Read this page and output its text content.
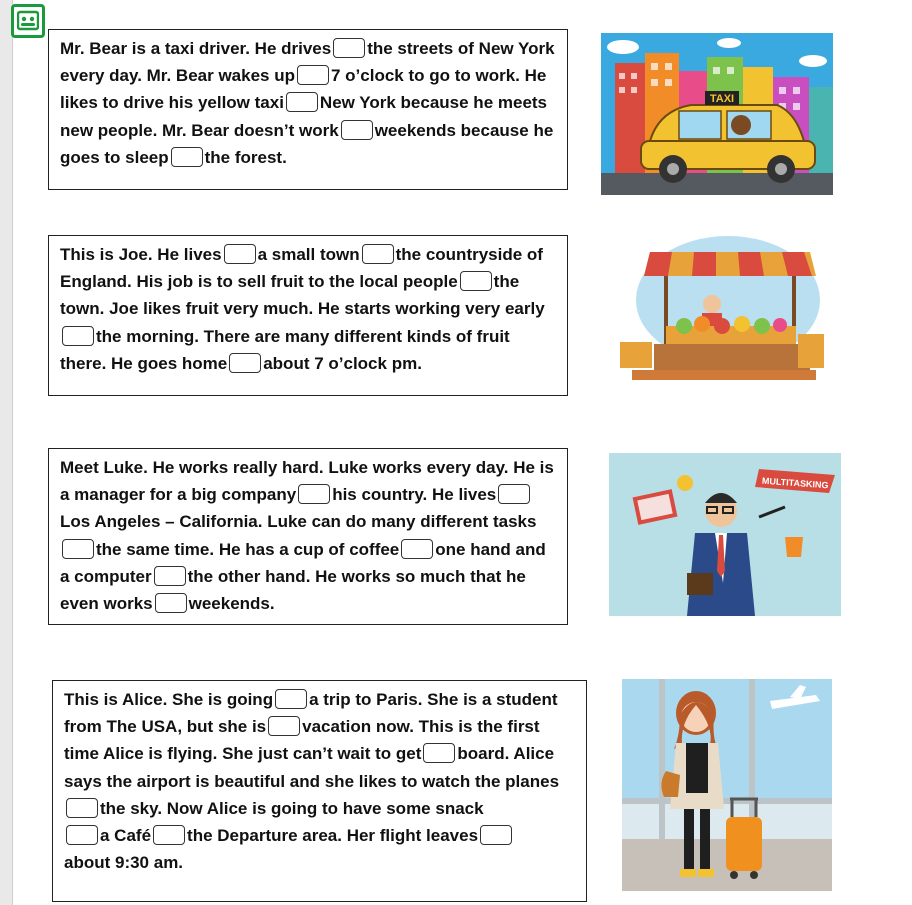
Mr. Bear is a taxi driver. He drives the streets of New York every day. Mr. Bear wakes up 7 o’clock to go to work. He likes to drive his yellow taxi New York because he meets new people. Mr. Bear doesn’t work weekends because he goes to sleep the forest.

This is Joe. He lives a small town the countryside of England. His job is to sell fruit to the local people the town. Joe likes fruit very much. He starts working very earlythe morning. There are many different kinds of fruit there. He goes home about 7 o’clock pm.

Meet Luke. He works really hard. Luke works every day. He is a manager for a big company his country. He livesLos Angeles – California. Luke can do many different tasksthe same time. He has a cup of coffee one hand and a computer the other hand. He works so much that he even works weekends.

This is Alice. She is going a trip to Paris. She is a student from The USA, but she is vacation now. This is the first time Alice is flying. She just can’t wait to get board. Alice says the airport is beautiful and she likes to watch the planesthe sky. Now Alice is going to have some snack
a Café the Departure area. Her flight leaves
about 9:30 am.

TAXI
MULTITASKING
